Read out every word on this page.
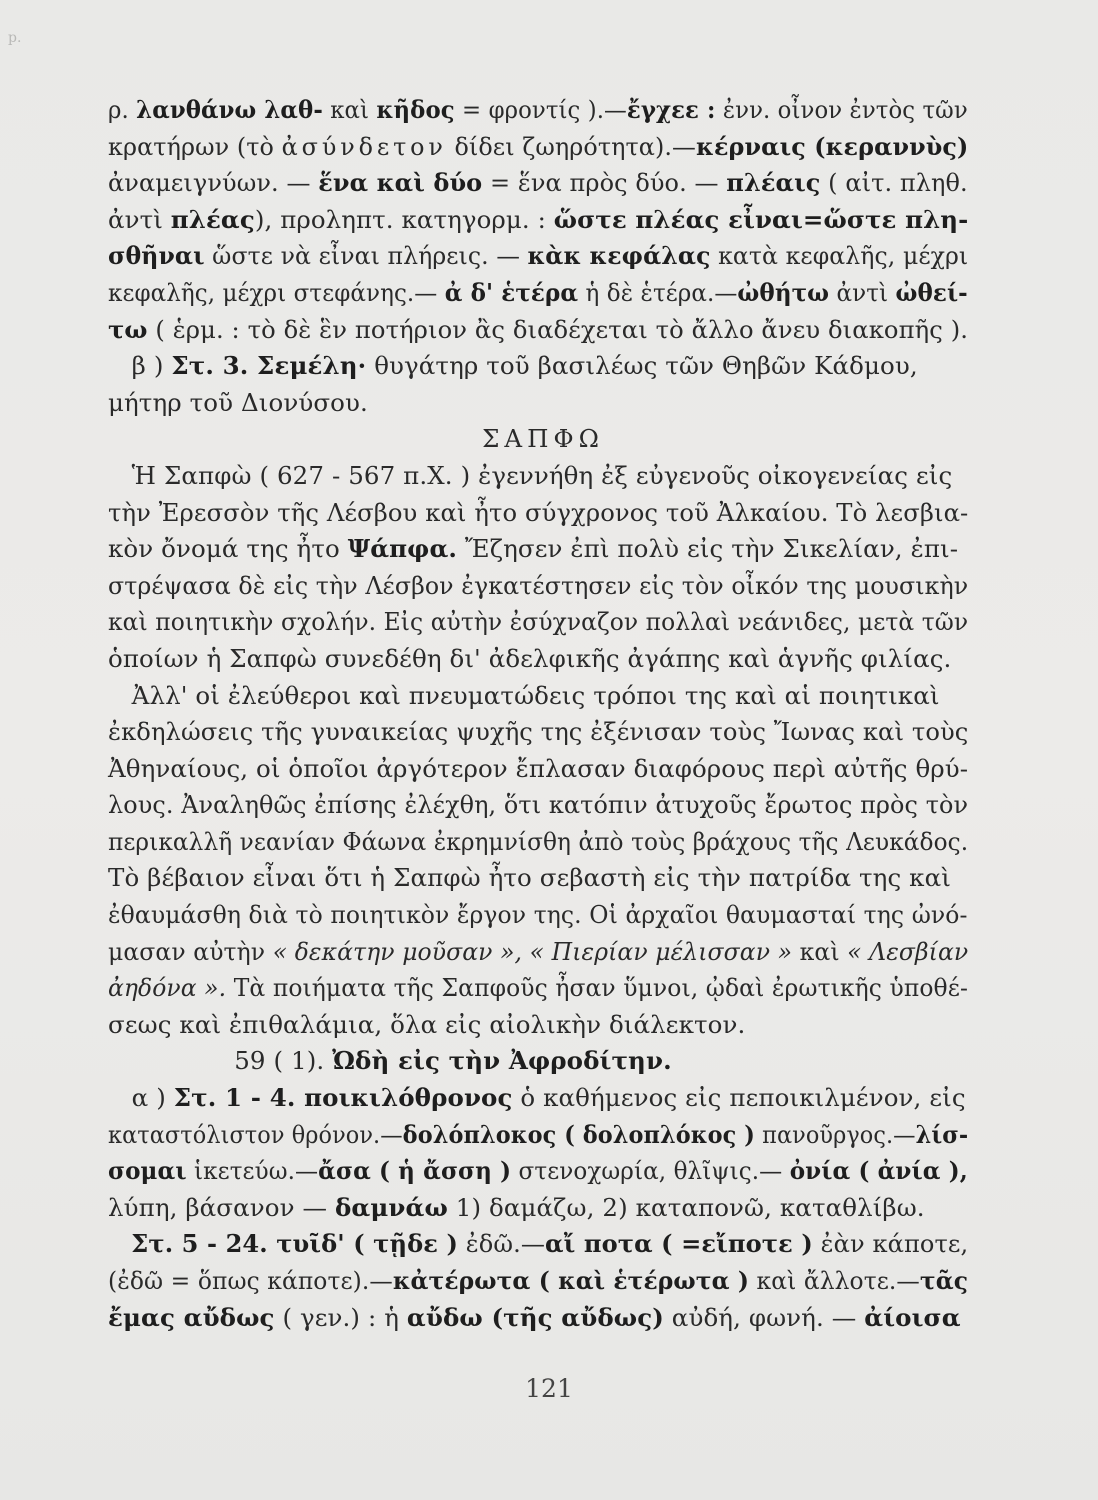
p.
ρ. λανθάνω λαθ- καὶ κῆδος = φροντίς ).—ἔγχεε : ἐνν. οἶνον ἐντὸς τῶν
κρατήρων (τὸ ἀσύνδετον δίδει ζωηρότητα).—κέρναις (κεραννὺς)
ἀναμειγνύων. — ἕνα καὶ δύο = ἕνα πρὸς δύο. — πλέαις ( αἰτ. πληθ.
ἀντὶ πλέας), προληπτ. κατηγορμ. : ὥστε πλέας εἶναι=ὥστε πλη-
σθῆναι ὥστε νὰ εἶναι πλήρεις. — κὰκ κεφάλας κατὰ κεφαλῆς, μέχρι
κεφαλῆς, μέχρι στεφάνης.— ἀ δ' ἑτέρα ἡ δὲ ἑτέρα.—ὠθήτω ἀντὶ ὠθεί-
τω ( ἑρμ. : τὸ δὲ ἓν ποτήριον ἂς διαδέχεται τὸ ἄλλο ἄνευ διακοπῆς ).
β ) Στ. 3. Σεμέλη· θυγάτηρ τοῦ βασιλέως τῶν Θηβῶν Κάδμου,
μήτηρ τοῦ Διονύσου.
ΣΑΠΦΩ
Ἡ Σαπφὼ ( 627 - 567 π.Χ. ) ἐγεννήθη ἐξ εὐγενοῦς οἰκογενείας εἰς
τὴν Ἐρεσσὸν τῆς Λέσβου καὶ ἦτο σύγχρονος τοῦ Ἀλκαίου. Τὸ λεσβια-
κὸν ὄνομά της ἦτο Ψάπφα. Ἔζησεν ἐπὶ πολὺ εἰς τὴν Σικελίαν, ἐπι-
στρέψασα δὲ εἰς τὴν Λέσβον ἐγκατέστησεν εἰς τὸν οἶκόν της μουσικὴν
καὶ ποιητικὴν σχολήν. Εἰς αὐτὴν ἐσύχναζον πολλαὶ νεάνιδες, μετὰ τῶν
ὁποίων ἡ Σαπφὼ συνεδέθη δι' ἀδελφικῆς ἀγάπης καὶ ἁγνῆς φιλίας.
Ἀλλ' οἱ ἐλεύθεροι καὶ πνευματώδεις τρόποι της καὶ αἱ ποιητικαὶ
ἐκδηλώσεις τῆς γυναικείας ψυχῆς της ἐξένισαν τοὺς Ἴωνας καὶ τοὺς
Ἀθηναίους, οἱ ὁποῖοι ἀργότερον ἔπλασαν διαφόρους περὶ αὐτῆς θρύ-
λους. Ἀναληθῶς ἐπίσης ἐλέχθη, ὅτι κατόπιν ἀτυχοῦς ἔρωτος πρὸς τὸν
περικαλλῆ νεανίαν Φάωνα ἐκρημνίσθη ἀπὸ τοὺς βράχους τῆς Λευκάδος.
Τὸ βέβαιον εἶναι ὅτι ἡ Σαπφὼ ἦτο σεβαστὴ εἰς τὴν πατρίδα της καὶ
ἐθαυμάσθη διὰ τὸ ποιητικὸν ἔργον της. Οἱ ἀρχαῖοι θαυμασταί της ὠνό-
μασαν αὐτὴν « δεκάτην μοῦσαν », « Πιερίαν μέλισσαν » καὶ « Λεσβίαν
ἀηδόνα ». Τὰ ποιήματα τῆς Σαπφοῦς ἦσαν ὕμνοι, ᾠδαὶ ἐρωτικῆς ὑποθέ-
σεως καὶ ἐπιθαλάμια, ὅλα εἰς αἰολικὴν διάλεκτον.
59 ( 1). Ὠδὴ εἰς τὴν Ἀφροδίτην.
α ) Στ. 1 - 4. ποικιλόθρονος ὁ καθήμενος εἰς πεποικιλμένον, εἰς
καταστόλιστον θρόνον.—δολόπλοκος ( δολοπλόκος ) πανοῦργος.—λίσ-
σομαι ἱκετεύω.—ἄσα ( ἡ ἄσση ) στενοχωρία, θλῖψις.— ὀνία ( ἀνία ),
λύπη, βάσανον — δαμνάω 1) δαμάζω, 2) καταπονῶ, καταθλίβω.
Στ. 5 - 24. τυῖδ' ( τῇδε ) ἐδῶ.—αἴ ποτα ( =εἴποτε ) ἐὰν κάποτε,
(ἐδῶ = ὅπως κάποτε).—κἀτέρωτα ( καὶ ἑτέρωτα ) καὶ ἄλλοτε.—τᾶς
ἔμας αὔδως ( γεν.) : ἡ αὔδω (τῆς αὔδως) αὐδή, φωνή. — ἀίοισα
121
